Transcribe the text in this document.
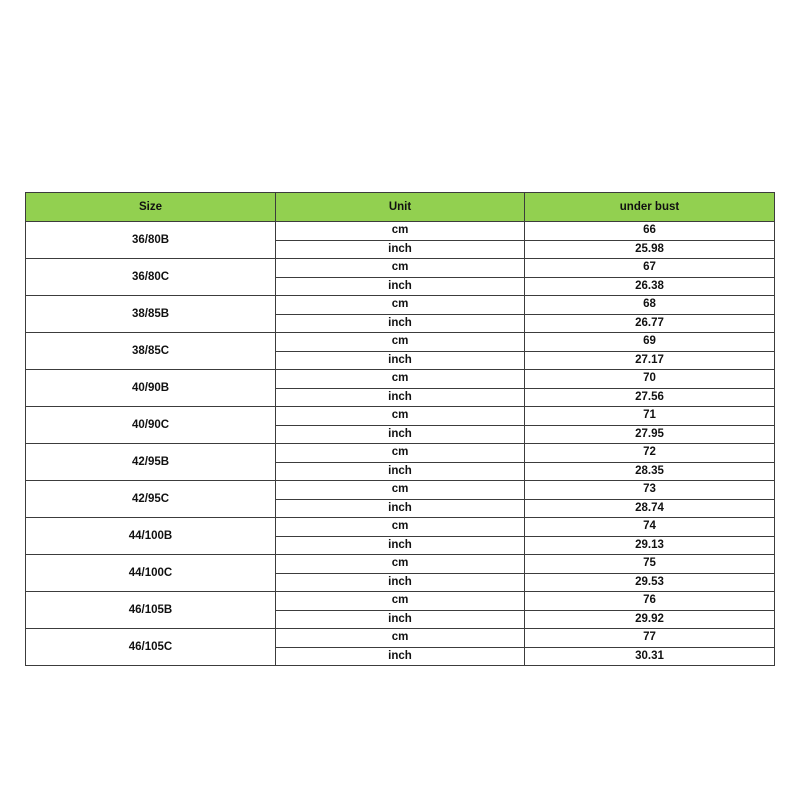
Size	Unit	under bust
36/80B	cm	66
	inch	25.98
36/80C	cm	67
	inch	26.38
38/85B	cm	68
	inch	26.77
38/85C	cm	69
	inch	27.17
40/90B	cm	70
	inch	27.56
40/90C	cm	71
	inch	27.95
42/95B	cm	72
	inch	28.35
42/95C	cm	73
	inch	28.74
44/100B	cm	74
	inch	29.13
44/100C	cm	75
	inch	29.53
46/105B	cm	76
	inch	29.92
46/105C	cm	77
	inch	30.31
